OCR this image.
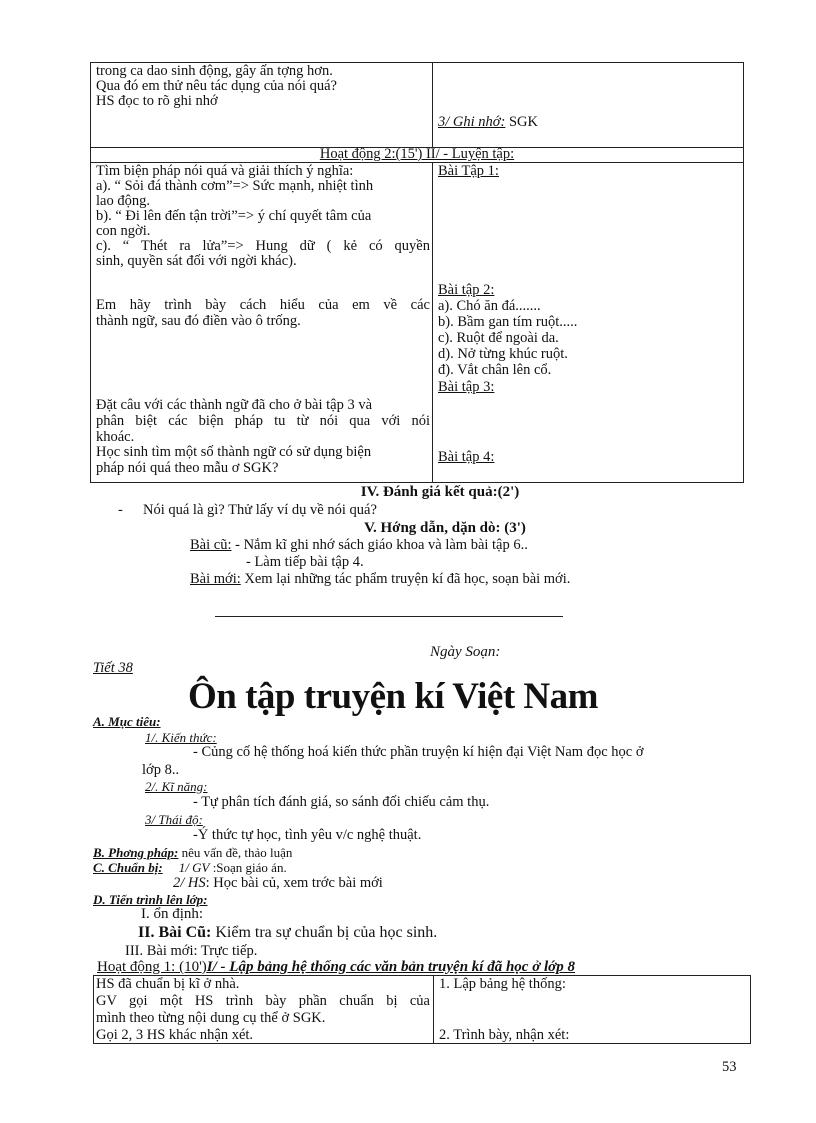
trong ca dao sinh động, gây ấn tợng hơn.
Qua đó em thử nêu tác dụng của nói quá?
HS đọc to rõ ghi nhớ
3/ Ghi nhớ: SGK
Hoạt động 2:(15') II/ - Luyện tập:
Tìm biện pháp nói quá và giải thích ý nghĩa:
a). “ Sỏi đá thành cơm”=> Sức mạnh, nhiệt tình
lao động.
b). “ Đi lên đến tận trời”=> ý chí quyết tâm của
con ngời.
c). “ Thét ra lửa”=> Hung dữ ( kẻ có quyền
sinh, quyền sát đối với ngời khác).
Em hãy trình bày cách hiểu của em về các
thành ngữ, sau đó điền vào ô trống.
Đặt câu với các thành ngữ đã cho ở bài tập 3 và
phân biệt các biện pháp tu từ nói qua với nói
khoác.
Học sinh tìm một số thành ngữ có sử dụng biện
pháp nói quá theo mẫu ơ SGK?
Bài Tập 1:
Bài tập 2:
a). Chó ăn đá.......
b). Bầm gan tím ruột.....
c). Ruột để ngoài da.
d). Nở từng khúc ruột.
đ). Vắt chân lên cổ.
Bài tập 3:
Bài tập 4:
IV. Đánh giá kết quả:(2')
- Nói quá là gì? Thử lấy ví dụ về nói quá?
V. Hớng dẫn, dặn dò: (3')
Bài cũ: - Nắm kĩ ghi nhớ sách giáo khoa và làm bài tập 6..
- Làm tiếp bài tập 4.
Bài mới: Xem lại những tác phẩm truyện kí đã học, soạn bài mới.
Ngày Soạn:
Tiết 38
Ôn tập truyện kí Việt Nam
A. Mục tiêu:
1/. Kiến thức:
- Củng cố hệ thống hoá kiến thức phần truyện kí hiện đại Việt Nam đọc học ở
lớp 8..
2/. Kĩ năng:
- Tự phân tích đánh giá, so sánh đối chiếu cảm thụ.
3/ Thái độ:
-Ý thức tự học, tình yêu v/c nghệ thuật.
B. Phơng pháp: nêu vấn đề, thảo luận
C. Chuẩn bị: 1/ GV :Soạn giáo án.
2/ HS: Học bài củ, xem trớc bài mới
D. Tiến trình lên lớp:
I. ổn định:
II. Bài Cũ: Kiểm tra sự chuẩn bị của học sinh.
III. Bài mới: Trực tiếp.
Hoạt động 1: (10')I/ - Lập bảng hệ thống các văn bản truyện kí đã học ở lớp 8
HS đã chuẩn bị kĩ ở nhà.
GV gọi một HS trình bày phần chuẩn bị của
mình theo từng nội dung cụ thể ở SGK.
Gọi 2, 3 HS khác nhận xét.
1. Lập bảng hệ thống:
2. Trình bày, nhận xét:
53
